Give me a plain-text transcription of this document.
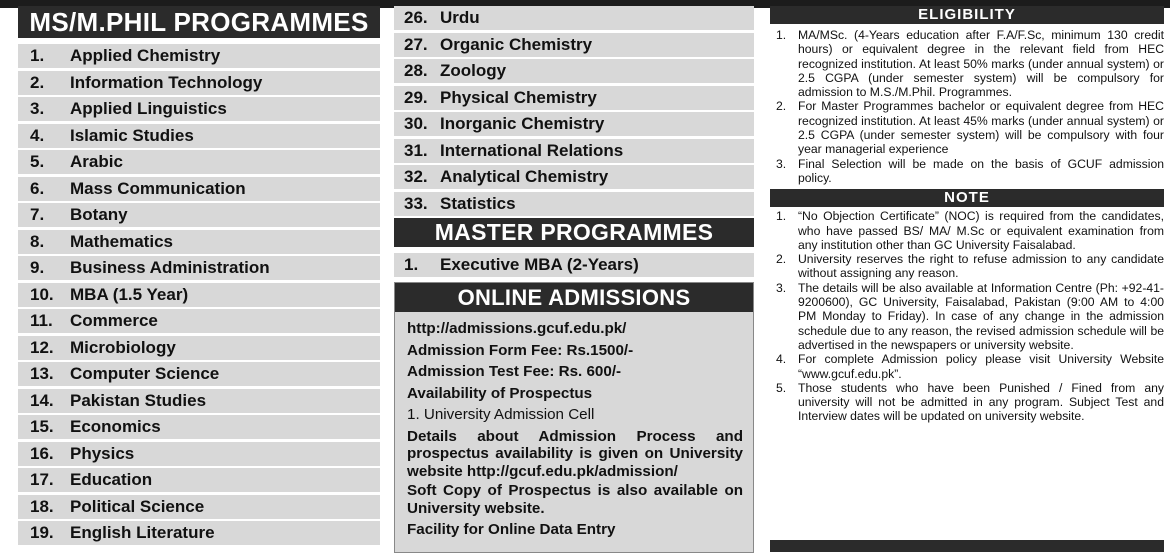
MS/M.PHIL PROGRAMMES
1.	Applied Chemistry
2.	Information Technology
3.	Applied Linguistics
4.	Islamic Studies
5.	Arabic
6.	Mass Communication
7.	Botany
8.	Mathematics
9.	Business Administration
10. MBA (1.5 Year)
11.	Commerce
12. Microbiology
13. Computer Science
14. Pakistan Studies
15. Economics
16. Physics
17. Education
18. Political Science
19. English Literature
26. Urdu
27. Organic Chemistry
28. Zoology
29. Physical Chemistry
30. Inorganic Chemistry
31. International Relations
32. Analytical Chemistry
33. Statistics
MASTER PROGRAMMES
1.	Executive MBA (2-Years)
ONLINE ADMISSIONS
http://admissions.gcuf.edu.pk/
Admission Form Fee: Rs.1500/-
Admission Test Fee: Rs. 600/-
Availability of Prospectus
1. University Admission Cell
Details about Admission Process and prospectus availability is given on University website http://gcuf.edu.pk/admission/
Soft Copy of Prospectus is also available on University website.
Facility for Online Data Entry
ELIGIBILITY
1. MA/MSc. (4-Years education after F.A/F.Sc, minimum 130 credit hours) or equivalent degree in the relevant field from HEC recognized institution. At least 50% marks (under annual system) or 2.5 CGPA (under semester system) will be compulsory for admission to M.S./M.Phil. Programmes.
2. For Master Programmes bachelor or equivalent degree from HEC recognized institution. At least 45% marks (under annual system) or 2.5 CGPA (under semester system) will be compulsory with four year managerial experience
3. Final Selection will be made on the basis of GCUF admission policy.
NOTE
1. “No Objection Certificate” (NOC) is required from the candidates, who have passed BS/ MA/ M.Sc or equivalent examination from any institution other than GC University Faisalabad.
2. University reserves the right to refuse admission to any candidate without assigning any reason.
3. The details will be also available at Information Centre (Ph: +92-41-9200600), GC University, Faisalabad, Pakistan (9:00 AM to 4:00 PM Monday to Friday). In case of any change in the admission schedule due to any reason, the revised admission schedule will be advertised in the newspapers or university website.
4. For complete Admission policy please visit University Website “www.gcuf.edu.pk”.
5. Those students who have been Punished / Fined from any university will not be admitted in any program. Subject Test and Interview dates will be updated on university website.
